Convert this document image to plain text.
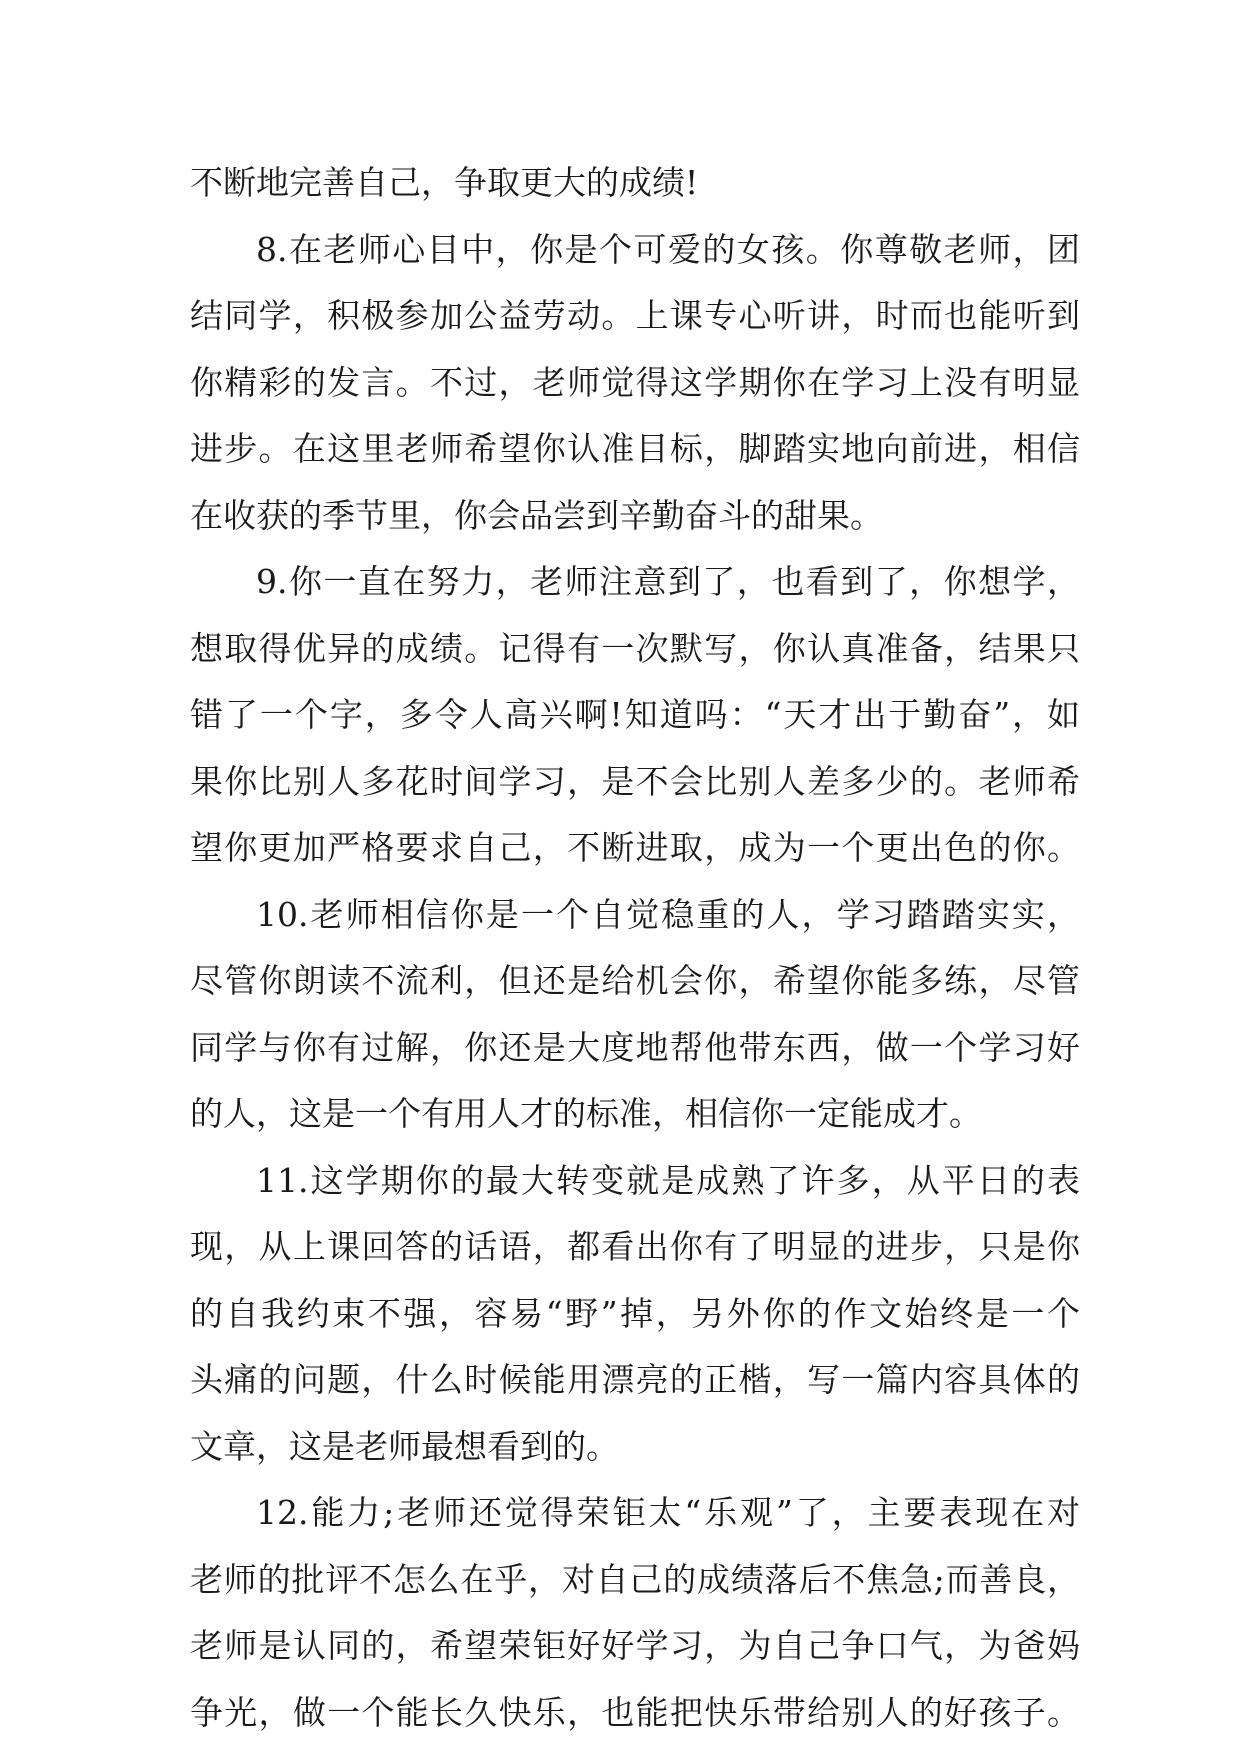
不断地完善自己，争取更大的成绩!
8.在老师心目中，你是个可爱的女孩。你尊敬老师，团
结同学，积极参加公益劳动。上课专心听讲，时而也能听到
你精彩的发言。不过，老师觉得这学期你在学习上没有明显
进步。在这里老师希望你认准目标，脚踏实地向前进，相信
在收获的季节里，你会品尝到辛勤奋斗的甜果。
9.你一直在努力，老师注意到了，也看到了，你想学，
想取得优异的成绩。记得有一次默写，你认真准备，结果只
错了一个字，多令人高兴啊!知道吗：“天才出于勤奋”，如
果你比别人多花时间学习，是不会比别人差多少的。老师希
望你更加严格要求自己，不断进取，成为一个更出色的你。
10.老师相信你是一个自觉稳重的人，学习踏踏实实，
尽管你朗读不流利，但还是给机会你，希望你能多练，尽管
同学与你有过解，你还是大度地帮他带东西，做一个学习好
的人，这是一个有用人才的标准，相信你一定能成才。
11.这学期你的最大转变就是成熟了许多，从平日的表
现，从上课回答的话语，都看出你有了明显的进步，只是你
的自我约束不强，容易“野”掉，另外你的作文始终是一个
头痛的问题，什么时候能用漂亮的正楷，写一篇内容具体的
文章，这是老师最想看到的。
12.能力;老师还觉得荣钜太“乐观”了，主要表现在对
老师的批评不怎么在乎，对自己的成绩落后不焦急;而善良，
老师是认同的，希望荣钜好好学习，为自己争口气，为爸妈
争光，做一个能长久快乐，也能把快乐带给别人的好孩子。
